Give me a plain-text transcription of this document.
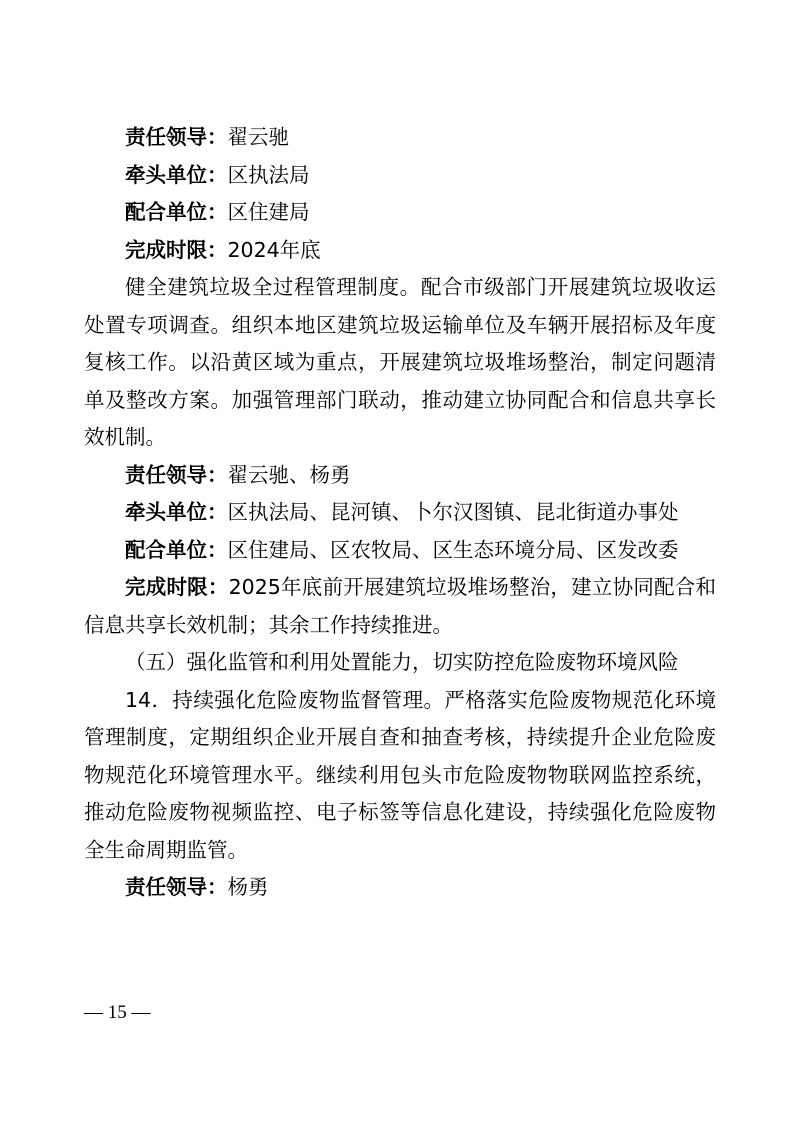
责任领导：翟云驰

牵头单位：区执法局

配合单位：区住建局

完成时限：2024年底

健全建筑垃圾全过程管理制度。配合市级部门开展建筑垃圾收运处置专项调查。组织本地区建筑垃圾运输单位及车辆开展招标及年度复核工作。以沿黄区域为重点，开展建筑垃圾堆场整治，制定问题清单及整改方案。加强管理部门联动，推动建立协同配合和信息共享长效机制。

责任领导：翟云驰、杨勇

牵头单位：区执法局、昆河镇、卜尔汉图镇、昆北街道办事处

配合单位：区住建局、区农牧局、区生态环境分局、区发改委

完成时限：2025年底前开展建筑垃圾堆场整治，建立协同配合和信息共享长效机制；其余工作持续推进。

（五）强化监管和利用处置能力，切实防控危险废物环境风险

14．持续强化危险废物监督管理。严格落实危险废物规范化环境管理制度，定期组织企业开展自查和抽查考核，持续提升企业危险废物规范化环境管理水平。继续利用包头市危险废物物联网监控系统，推动危险废物视频监控、电子标签等信息化建设，持续强化危险废物全生命周期监管。

责任领导：杨勇

— 15 —
